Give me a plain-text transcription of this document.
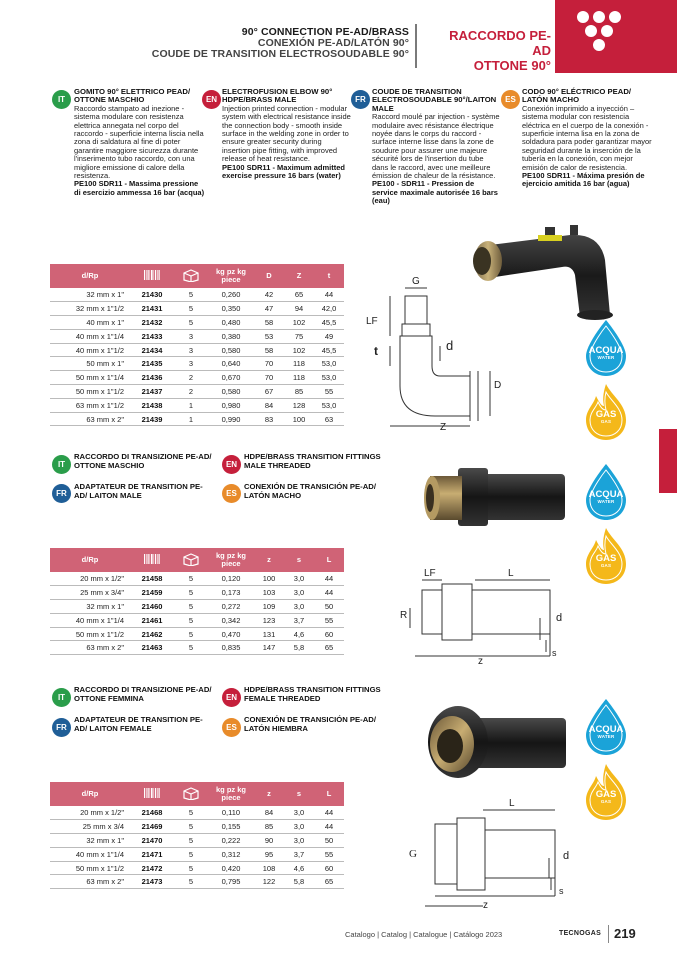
90° CONNECTION PE-AD/BRASS
CONEXIÓN PE-AD/LATÓN 90°
COUDE DE TRANSITION ELECTROSOUDABLE 90°
RACCORDO PE-AD
OTTONE 90°
IT
GOMITO 90° ELETTRICO PEAD/ OTTONE MASCHIO
Raccordo stampato ad inezione - sistema modulare con resistenza elettrica annegata nel corpo del raccordo - superficie interna liscia nella zona di saldatura al fine di poter garantire maggiore sicurezza durante l'inserimento tubo raccordo, con una migliore emissione di calore della resistenza.
PE100 SDR11 - Massima pressione di esercizio ammessa 16 bar (acqua)
EN
ELECTROFUSION ELBOW 90° HDPE/BRASS MALE
Injection printed connection - modular system with electrical resistance inside the connection body - smooth inside surface in the welding zone in order to ensure greater security during insertion pipe fitting, with improved release of heat resistance.
PE100 SDR11 - Maximum admitted exercise pressure 16 bars (water)
FR
COUDE DE TRANSITION ELECTROSOUDABLE 90°/LAITON MALE
Raccord moulé par injection - système modulaire avec résistance électrique noyée dans le corps du raccord - surface interne lisse dans la zone de soudure pour assurer une majeure sécurité lors de l'insertion du tube dans le raccord, avec une meilleure émission de chaleur de la résistance.
PE100 - SDR11 - Pression de service maximale autorisée 16 bars (eau)
ES
CODO 90° ELÉCTRICO PEAD/ LATÓN MACHO
Conexión imprimido a inyección – sistema modular con resistencia eléctrica en el cuerpo de la conexión - superficie interna lisa en la zona de soldadura para poder garantizar mayor seguridad durante la inserción de la tubería en la conexión, con mejor emisión de calor de resistencia.
PE100 SDR11 - Máxima presión de ejercicio amitida 16 bar (agua)
G
LF
t	d
D
Z
d/Rp			kg pz kg piece	D	Z	t
32 mm x 1"	21430	5	0,260	42	65	44
32 mm x 1"1/2	21431	5	0,350	47	94	42,0
40 mm x 1"	21432	5	0,480	58	102	45,5
40 mm x 1"1/4	21433	3	0,380	53	75	49
40 mm x 1"1/2	21434	3	0,580	58	102	45,5
50 mm x 1"	21435	3	0,640	70	118	53,0
50 mm x 1"1/4	21436	2	0,670	70	118	53,0
50 mm x 1"1/2	21437	2	0,580	67	85	55
63 mm x 1"1/2	21438	1	0,980	84	128	53,0
63 mm x 2"	21439	1	0,990	83	100	63
ACQUA
WATER
GAS
GAS
IT
RACCORDO DI TRANSIZIONE PE-AD/ OTTONE MASCHIO	EN
HDPE/BRASS TRANSITION FITTINGS MALE THREADED
FR
ADAPTATEUR DE TRANSITION PE-AD/ LAITON MALE	ES
CONEXIÓN DE TRANSICIÓN PE-AD/ LATÓN MACHO
d/Rp			kg pz kg piece	z	s	L
20 mm x 1/2"	21458	5	0,120	100	3,0	44
25 mm x 3/4"	21459	5	0,173	103	3,0	44
32 mm x 1"	21460	5	0,272	109	3,0	50
40 mm x 1"1/4	21461	5	0,342	123	3,7	55
50 mm x 1"1/2	21462	5	0,470	131	4,6	60
63 mm x 2"	21463	5	0,835	147	5,8	65
ACQUA
WATER
GAS
GAS
LF	L
R	d
s
z
IT
RACCORDO DI TRANSIZIONE PE-AD/ OTTONE FEMMINA	EN
HDPE/BRASS TRANSITION FITTINGS FEMALE THREADED
FR
ADAPTATEUR DE TRANSITION PE-AD/ LAITON FEMALE	ES
CONEXIÓN DE TRANSICIÓN PE-AD/ LATÓN HIEMBRA
d/Rp			kg pz kg piece	z	s	L
20 mm x 1/2"	21468	5	0,110	84	3,0	44
25 mm x 3/4	21469	5	0,155	85	3,0	44
32 mm x 1"	21470	5	0,222	90	3,0	50
40 mm x 1"1/4	21471	5	0,312	95	3,7	55
50 mm x 1"1/2	21472	5	0,420	108	4,6	60
63 mm x 2"	21473	5	0,795	122	5,8	65
ACQUA
WATER
GAS
GAS
L
G	d
s
z
Catalogo | Catalog | Catalogue | Catálogo 2023	TECNOGAS 219
